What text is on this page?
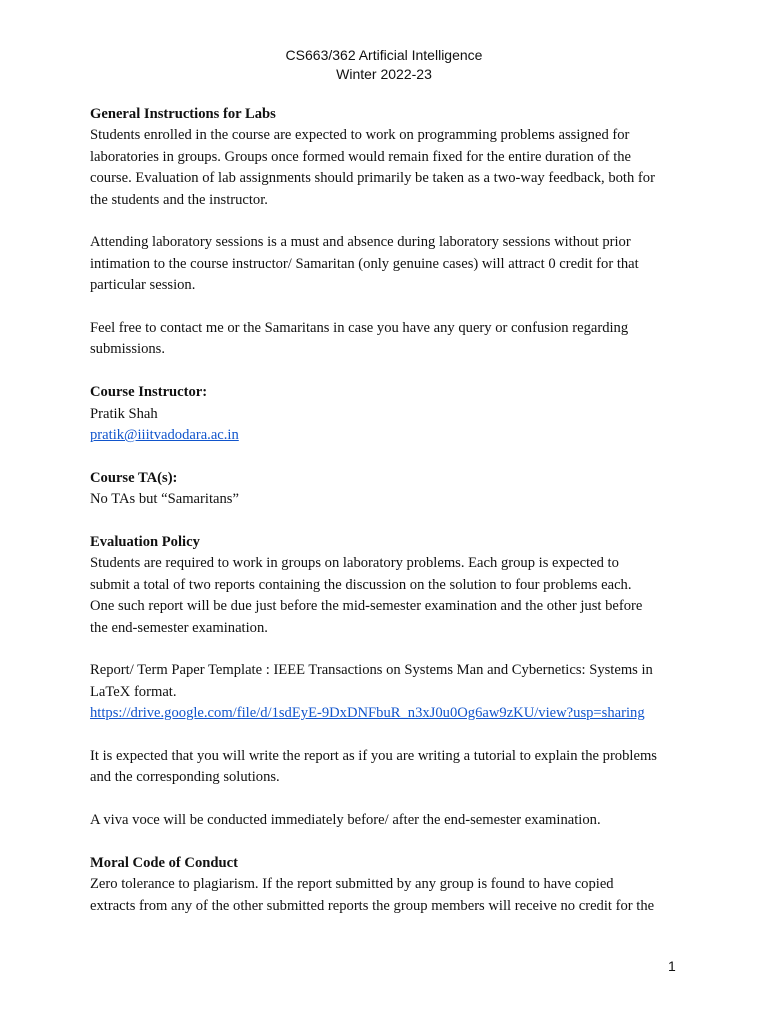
CS663/362 Artificial Intelligence
Winter 2022-23

General Instructions for Labs
Students enrolled in the course are expected to work on programming problems assigned for
laboratories in groups. Groups once formed would remain fixed for the entire duration of the
course. Evaluation of lab assignments should primarily be taken as a two-way feedback, both for
the students and the instructor.

Attending laboratory sessions is a must and absence during laboratory sessions without prior
intimation to the course instructor/ Samaritan (only genuine cases) will attract 0 credit for that
particular session.

Feel free to contact me or the Samaritans in case you have any query or confusion regarding
submissions.

Course Instructor:
Pratik Shah
pratik@iiitvadodara.ac.in

Course TA(s):
No TAs but “Samaritans”

Evaluation Policy
Students are required to work in groups on laboratory problems. Each group is expected to
submit a total of two reports containing the discussion on the solution to four problems each.
One such report will be due just before the mid-semester examination and the other just before
the end-semester examination.

Report/ Term Paper Template : IEEE Transactions on Systems Man and Cybernetics: Systems in
LaTeX format.
https://drive.google.com/file/d/1sdEyE-9DxDNFbuR_n3xJ0u0Og6aw9zKU/view?usp=sharing

It is expected that you will write the report as if you are writing a tutorial to explain the problems
and the corresponding solutions.

A viva voce will be conducted immediately before/ after the end-semester examination.

Moral Code of Conduct
Zero tolerance to plagiarism. If the report submitted by any group is found to have copied
extracts from any of the other submitted reports the group members will receive no credit for the

1
